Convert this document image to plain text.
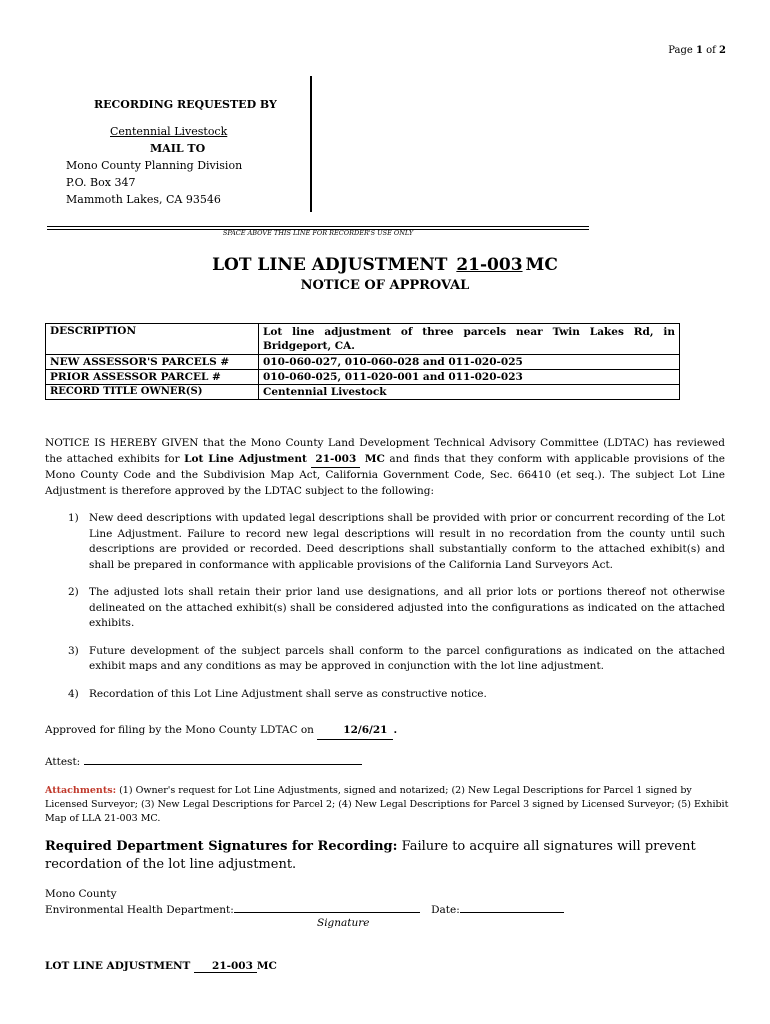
Page 1 of 2
RECORDING REQUESTED BY
Centennial Livestock
MAIL TO
Mono County Planning Division
P.O. Box 347
Mammoth Lakes, CA 93546
SPACE ABOVE THIS LINE FOR RECORDER'S USE ONLY
LOT LINE ADJUSTMENT 21-003 MC
NOTICE OF APPROVAL
DESCRIPTION	Lot line adjustment of three parcels near Twin Lakes Rd, in Bridgeport, CA.
NEW ASSESSOR'S PARCELS #	010-060-027, 010-060-028 and 011-020-025
PRIOR ASSESSOR PARCEL #	010-060-025, 011-020-001 and 011-020-023
RECORD TITLE OWNER(S)	Centennial Livestock
NOTICE IS HEREBY GIVEN that the Mono County Land Development Technical Advisory Committee (LDTAC) has reviewed the attached exhibits for Lot Line Adjustment 21-003 MC and finds that they conform with applicable provisions of the Mono County Code and the Subdivision Map Act, California Government Code, Sec. 66410 (et seq.). The subject Lot Line Adjustment is therefore approved by the LDTAC subject to the following:
1) New deed descriptions with updated legal descriptions shall be provided with prior or concurrent recording of the Lot Line Adjustment. Failure to record new legal descriptions will result in no recordation from the county until such descriptions are provided or recorded. Deed descriptions shall substantially conform to the attached exhibit(s) and shall be prepared in conformance with applicable provisions of the California Land Surveyors Act.
2) The adjusted lots shall retain their prior land use designations, and all prior lots or portions thereof not otherwise delineated on the attached exhibit(s) shall be considered adjusted into the configurations as indicated on the attached exhibits.
3) Future development of the subject parcels shall conform to the parcel configurations as indicated on the attached exhibit maps and any conditions as may be approved in conjunction with the lot line adjustment.
4) Recordation of this Lot Line Adjustment shall serve as constructive notice.
Approved for filing by the Mono County LDTAC on	12/6/21 .
Attest:
Attachments: (1) Owner's request for Lot Line Adjustments, signed and notarized; (2) New Legal Descriptions for Parcel 1 signed by Licensed Surveyor; (3) New Legal Descriptions for Parcel 2; (4) New Legal Descriptions for Parcel 3 signed by Licensed Surveyor; (5) Exhibit Map of LLA 21-003 MC.
Required Department Signatures for Recording: Failure to acquire all signatures will prevent recordation of the lot line adjustment.
Mono County
Environmental Health Department:	Date:
Signature
LOT LINE ADJUSTMENT 21-003 MC
